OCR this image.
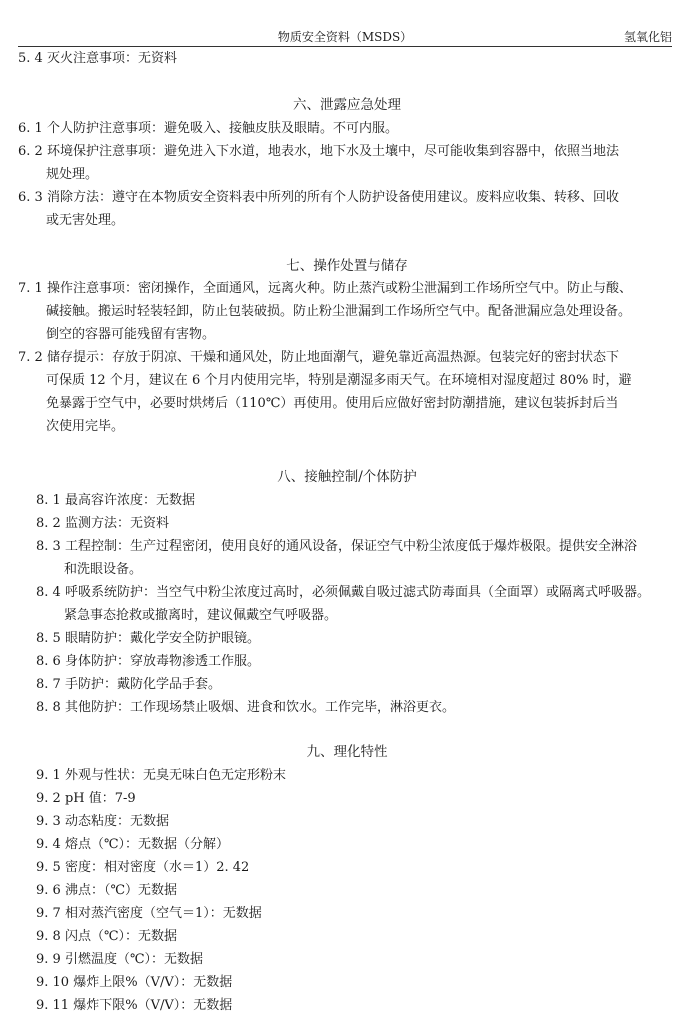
物质安全资料（MSDS）	氢氧化铝
5. 4 灭火注意事项：无资料
六、泄露应急处理
6. 1 个人防护注意事项：避免吸入、接触皮肤及眼睛。不可内服。
6. 2 环境保护注意事项：避免进入下水道，地表水，地下水及土壤中，尽可能收集到容器中，依照当地法
规处理。
6. 3 消除方法：遵守在本物质安全资料表中所列的所有个人防护设备使用建议。废料应收集、转移、回收
或无害处理。
七、操作处置与储存
7. 1 操作注意事项：密闭操作，全面通风，远离火种。防止蒸汽或粉尘泄漏到工作场所空气中。防止与酸、
碱接触。搬运时轻装轻卸，防止包装破损。防止粉尘泄漏到工作场所空气中。配备泄漏应急处理设备。
倒空的容器可能残留有害物。
7. 2 储存提示：存放于阴凉、干燥和通风处，防止地面潮气，避免靠近高温热源。包装完好的密封状态下
可保质 12 个月，建议在 6 个月内使用完毕，特别是潮湿多雨天气。在环境相对湿度超过 80% 时，避
免暴露于空气中，必要时烘烤后（110℃）再使用。使用后应做好密封防潮措施，建议包装拆封后当
次使用完毕。
八、接触控制/个体防护
8. 1 最高容许浓度：无数据
8. 2 监测方法：无资料
8. 3 工程控制：生产过程密闭，使用良好的通风设备，保证空气中粉尘浓度低于爆炸极限。提供安全淋浴
和洗眼设备。
8. 4 呼吸系统防护：当空气中粉尘浓度过高时，必须佩戴自吸过滤式防毒面具（全面罩）或隔离式呼吸器。
紧急事态抢救或撤离时，建议佩戴空气呼吸器。
8. 5 眼睛防护：戴化学安全防护眼镜。
8. 6 身体防护：穿放毒物渗透工作服。
8. 7 手防护：戴防化学品手套。
8. 8 其他防护：工作现场禁止吸烟、进食和饮水。工作完毕，淋浴更衣。
九、理化特性
9. 1 外观与性状：无臭无味白色无定形粉末
9. 2 pH 值：7-9
9. 3 动态粘度：无数据
9. 4 熔点（℃）：无数据（分解）
9. 5 密度：相对密度（水＝1）2. 42
9. 6 沸点：（℃）无数据
9. 7 相对蒸汽密度（空气＝1）：无数据
9. 8 闪点（℃）：无数据
9. 9 引燃温度（℃）：无数据
9. 10 爆炸上限%（V/V）：无数据
9. 11 爆炸下限%（V/V）：无数据
